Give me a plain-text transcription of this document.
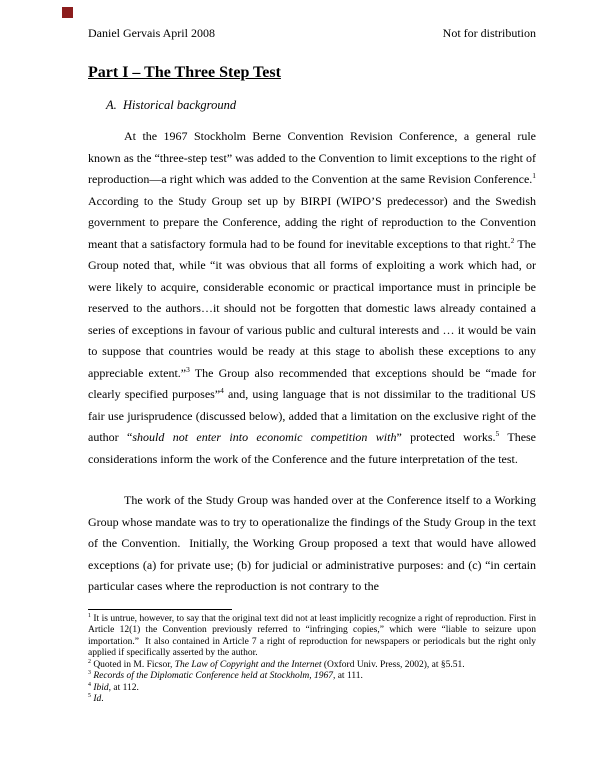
Daniel Gervais April 2008	Not for distribution
Part I – The Three Step Test
A.  Historical background

At the 1967 Stockholm Berne Convention Revision Conference, a general rule known as the “three-step test” was added to the Convention to limit exceptions to the right of reproduction—a right which was added to the Convention at the same Revision Conference.$^1$ According to the Study Group set up by BIRPI (WIPO’S predecessor) and the Swedish government to prepare the Conference, adding the right of reproduction to the Convention meant that a satisfactory formula had to be found for inevitable exceptions to that right.$^2$ The Group noted that, while “it was obvious that all forms of exploiting a work which had, or were likely to acquire, considerable economic or practical importance must in principle be reserved to the authors…it should not be forgotten that domestic laws already contained a series of exceptions in favour of various public and cultural interests and … it would be vain to suppose that countries would be ready at this stage to abolish these exceptions to any appreciable extent.”$^3$ The Group also recommended that exceptions should be “made for clearly specified purposes”$^4$ and, using language that is not dissimilar to the traditional US fair use jurisprudence (discussed below), added that a limitation on the exclusive right of the author “should not enter into economic competition with” protected works.$^5$ These considerations inform the work of the Conference and the future interpretation of the test.

The work of the Study Group was handed over at the Conference itself to a Working Group whose mandate was to try to operationalize the findings of the Study Group in the text of the Convention.  Initially, the Working Group proposed a text that would have allowed exceptions (a) for private use; (b) for judicial or administrative purposes: and (c) “in certain particular cases where the reproduction is not contrary to the

$^1$ It is untrue, however, to say that the original text did not at least implicitly recognize a right of reproduction. First in Article 12(1) the Convention previously referred to “infringing copies,” which were “liable to seizure upon importation.”  It also contained in Article 7 a right of reproduction for newspapers or periodicals but the right only applied if specifically asserted by the author.

$^2$ Quoted in M. Ficsor, The Law of Copyright and the Internet (Oxford Univ. Press, 2002), at §5.51.

$^3$ Records of the Diplomatic Conference held at Stockholm, 1967, at 111.

$^4$ Ibid, at 112.

$^5$ Id.
